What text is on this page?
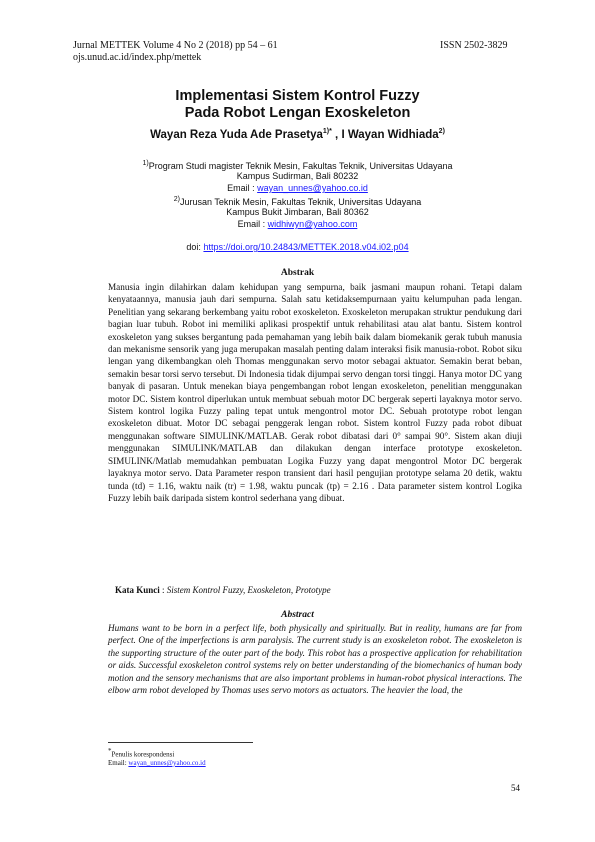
Jurnal METTEK Volume 4 No 2 (2018) pp 54 – 61
ojs.unud.ac.id/index.php/mettek
ISSN 2502-3829
Implementasi Sistem Kontrol Fuzzy
Pada Robot Lengan Exoskeleton
Wayan Reza Yuda Ade Prasetya$^{1)*}$ , I Wayan Widhiada$^{2)}$
$^{1)}$Program Studi magister Teknik Mesin, Fakultas Teknik, Universitas Udayana
Kampus Sudirman, Bali 80232
Email : wayan_unnes@yahoo.co.id
$^{2)}$Jurusan Teknik Mesin, Fakultas Teknik, Universitas Udayana
Kampus Bukit Jimbaran, Bali 80362
Email : widhiwyn@yahoo.com
doi: https://doi.org/10.24843/METTEK.2018.v04.i02.p04
Abstrak

Manusia ingin dilahirkan dalam kehidupan yang sempurna, baik jasmani maupun rohani. Tetapi dalam kenyataannya, manusia jauh dari sempurna. Salah satu ketidaksempurnaan yaitu kelumpuhan pada lengan. Penelitian yang sekarang berkembang yaitu robot exoskeleton. Exoskeleton merupakan struktur pendukung dari bagian luar tubuh. Robot ini memiliki aplikasi prospektif untuk rehabilitasi atau alat bantu. Sistem kontrol exoskeleton yang sukses bergantung pada pemahaman yang lebih baik dalam biomekanik gerak tubuh manusia dan mekanisme sensorik yang juga merupakan masalah penting dalam interaksi fisik manusia-robot. Robot siku lengan yang dikembangkan oleh Thomas menggunakan servo motor sebagai aktuator. Semakin berat beban, semakin besar torsi servo tersebut. Di Indonesia tidak dijumpai servo dengan torsi tinggi. Hanya motor DC yang banyak di pasaran. Untuk menekan biaya pengembangan robot lengan exoskeleton, penelitian menggunakan motor DC. Sistem kontrol diperlukan untuk membuat sebuah motor DC bergerak seperti layaknya motor servo. Sistem kontrol logika Fuzzy paling tepat untuk mengontrol motor DC. Sebuah prototype robot lengan exoskeleton dibuat. Motor DC sebagai penggerak lengan robot. Sistem kontrol Fuzzy pada robot dibuat menggunakan software SIMULINK/MATLAB. Gerak robot dibatasi dari 0° sampai 90°. Sistem akan diuji menggunakan SIMULINK/MATLAB dan dilakukan dengan interface prototype exoskeleton. SIMULINK/Matlab memudahkan pembuatan Logika Fuzzy yang dapat mengontrol Motor DC bergerak layaknya motor servo. Data Parameter respon transient dari hasil pengujian prototype selama 20 detik, waktu tunda (td) = 1.16, waktu naik (tr) = 1.98, waktu puncak (tp) = 2.16 . Data parameter sistem kontrol Logika Fuzzy lebih baik daripada sistem kontrol sederhana yang dibuat.

Kata Kunci : Sistem Kontrol Fuzzy, Exoskeleton, Prototype
Abstract

Humans want to be born in a perfect life, both physically and spiritually. But in reality, humans are far from perfect. One of the imperfections is arm paralysis. The current study is an exoskeleton robot. The exoskeleton is the supporting structure of the outer part of the body. This robot has a prospective application for rehabilitation or aids. Successful exoskeleton control systems rely on better understanding of the biomechanics of human body motion and the sensory mechanisms that are also important problems in human-robot physical interactions. The elbow arm robot developed by Thomas uses servo motors as actuators. The heavier the load, the

*Penulis korespondensi
Email: wayan_unnes@yahoo.co.id
54
